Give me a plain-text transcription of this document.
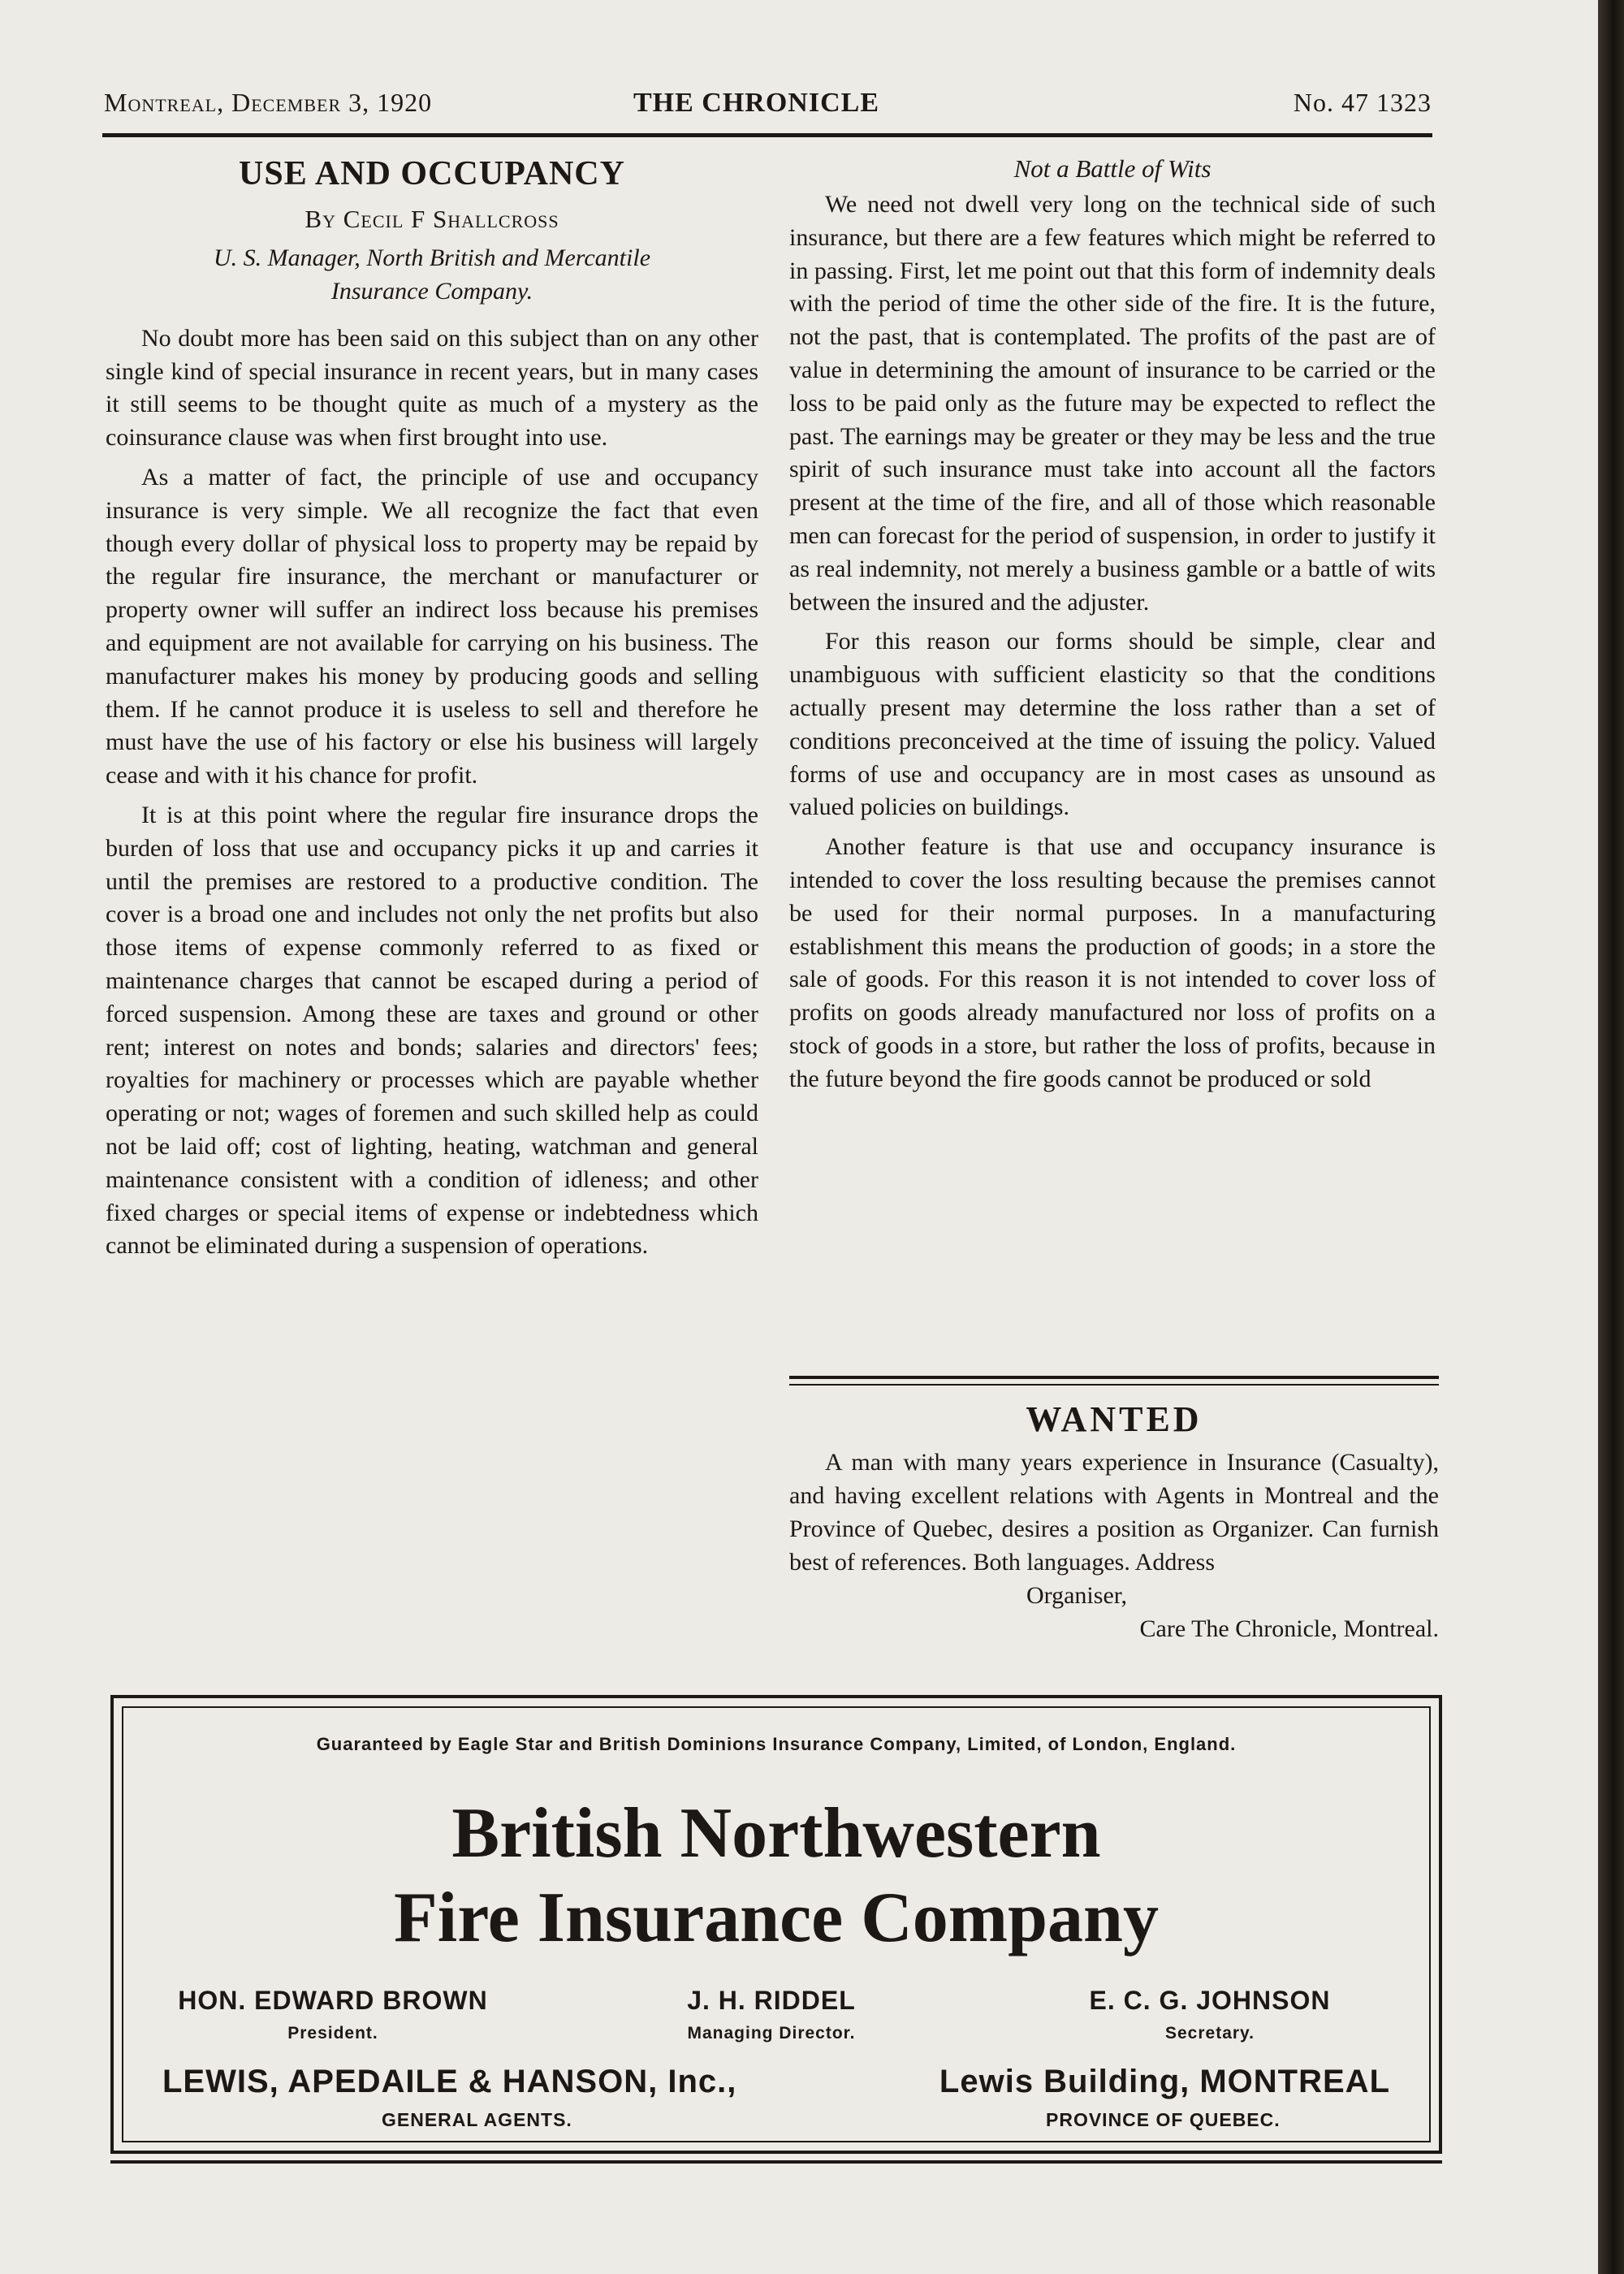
Montreal, December 3, 1920	THE CHRONICLE	No. 47 1323
USE AND OCCUPANCY
By Cecil F Shallcross
U. S. Manager, North British and Mercantile
Insurance Company.

No doubt more has been said on this subject than on any other single kind of special insurance in recent years, but in many cases it still seems to be thought quite as much of a mystery as the coinsurance clause was when first brought into use.

As a matter of fact, the principle of use and occupancy insurance is very simple. We all recognize the fact that even though every dollar of physical loss to property may be repaid by the regular fire insurance, the merchant or manufacturer or property owner will suffer an indirect loss because his premises and equipment are not available for carrying on his business. The manufacturer makes his money by producing goods and selling them. If he cannot produce it is useless to sell and therefore he must have the use of his factory or else his business will largely cease and with it his chance for profit.

It is at this point where the regular fire insurance drops the burden of loss that use and occupancy picks it up and carries it until the premises are restored to a productive condition. The cover is a broad one and includes not only the net profits but also those items of expense commonly referred to as fixed or maintenance charges that cannot be escaped during a period of forced suspension. Among these are taxes and ground or other rent; interest on notes and bonds; salaries and directors' fees; royalties for machinery or processes which are payable whether operating or not; wages of foremen and such skilled help as could not be laid off; cost of lighting, heating, watchman and general maintenance consistent with a condition of idleness; and other fixed charges or special items of expense or indebtedness which cannot be eliminated during a suspension of operations.

Not a Battle of Wits

We need not dwell very long on the technical side of such insurance, but there are a few features which might be referred to in passing. First, let me point out that this form of indemnity deals with the period of time the other side of the fire. It is the future, not the past, that is contemplated. The profits of the past are of value in determining the amount of insurance to be carried or the loss to be paid only as the future may be expected to reflect the past. The earnings may be greater or they may be less and the true spirit of such insurance must take into account all the factors present at the time of the fire, and all of those which reasonable men can forecast for the period of suspension, in order to justify it as real indemnity, not merely a business gamble or a battle of wits between the insured and the adjuster.

For this reason our forms should be simple, clear and unambiguous with sufficient elasticity so that the conditions actually present may determine the loss rather than a set of conditions preconceived at the time of issuing the policy. Valued forms of use and occupancy are in most cases as unsound as valued policies on buildings.

Another feature is that use and occupancy insurance is intended to cover the loss resulting because the premises cannot be used for their normal purposes. In a manufacturing establishment this means the production of goods; in a store the sale of goods. For this reason it is not intended to cover loss of profits on goods already manufactured nor loss of profits on a stock of goods in a store, but rather the loss of profits, because in the future beyond the fire goods cannot be produced or sold

WANTED

A man with many years experience in Insurance (Casualty), and having excellent relations with Agents in Montreal and the Province of Quebec, desires a position as Organizer. Can furnish best of references. Both languages. Address

Organiser,

Care The Chronicle, Montreal.

Guaranteed by Eagle Star and British Dominions Insurance Company, Limited, of London, England.
British Northwestern
Fire Insurance Company
HON. EDWARD BROWN
President.
J. H. RIDDEL
Managing Director.
E. C. G. JOHNSON
Secretary.
LEWIS, APEDAILE & HANSON, Inc.,	Lewis Building, MONTREAL
GENERAL AGENTS.	PROVINCE OF QUEBEC.
